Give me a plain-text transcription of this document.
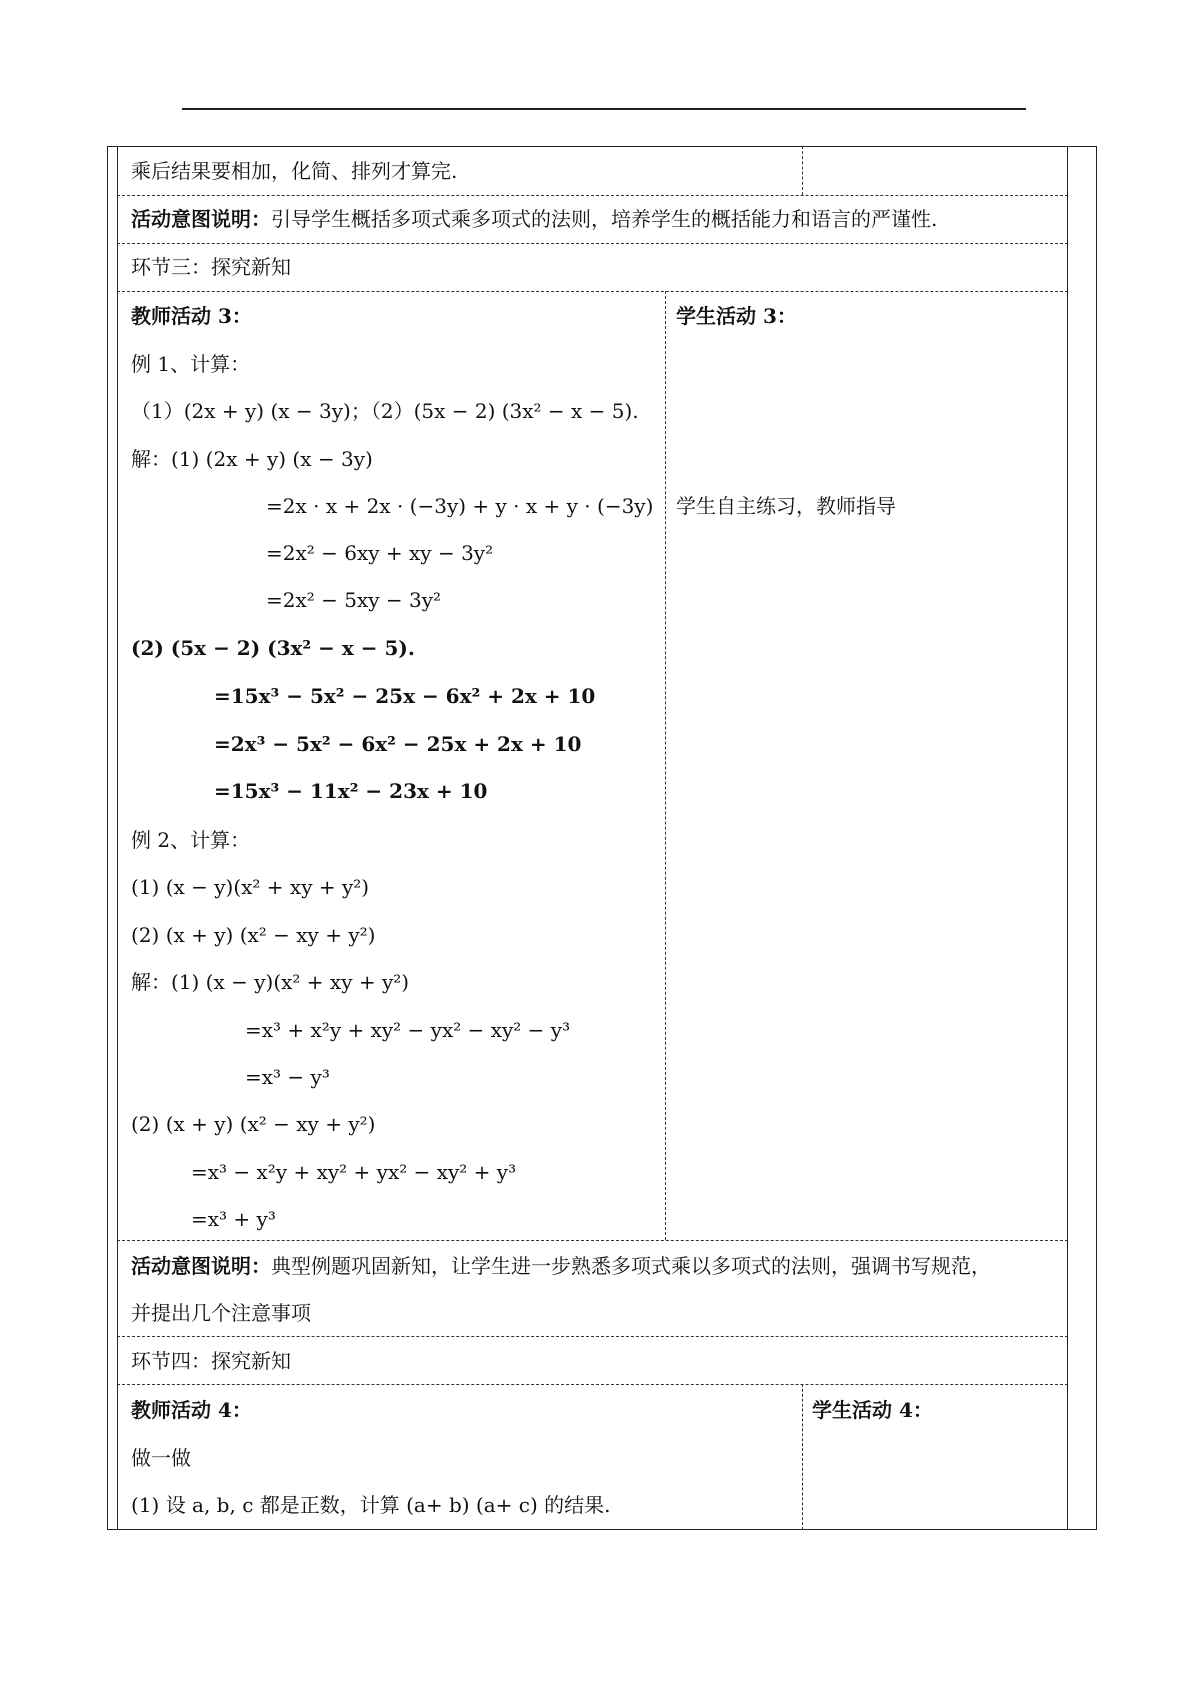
乘后结果要相加，化简、排列才算完.
活动意图说明：引导学生概括多项式乘多项式的法则，培养学生的概括能力和语言的严谨性.
环节三：探究新知
教师活动 3：
例 1、计算：
（1）(2x + y) (x − 3y)；（2）(5x − 2) (3x² − x − 5).
解：(1) (2x + y) (x − 3y)
=2x · x + 2x · (−3y) + y · x + y · (−3y)
=2x² − 6xy + xy − 3y²
=2x² − 5xy − 3y²
(2) (5x − 2) (3x² − x − 5).
=15x³ − 5x² − 25x − 6x² + 2x + 10
=2x³ − 5x² − 6x² − 25x + 2x + 10
=15x³ − 11x² − 23x + 10
例 2、计算：
(1) (x − y)(x² + xy + y²)
(2) (x + y) (x² − xy + y²)
解：(1) (x − y)(x² + xy + y²)
=x³ + x²y + xy² − yx² − xy² − y³
=x³ − y³
(2) (x + y) (x² − xy + y²)
=x³ − x²y + xy² + yx² − xy² + y³
=x³ + y³
学生活动 3：
学生自主练习，教师指导
活动意图说明：典型例题巩固新知，让学生进一步熟悉多项式乘以多项式的法则，强调书写规范，
并提出几个注意事项
环节四：探究新知
教师活动 4：
做一做
(1) 设 a, b, c 都是正数，计算 (a+ b) (a+ c) 的结果.
学生活动 4：
